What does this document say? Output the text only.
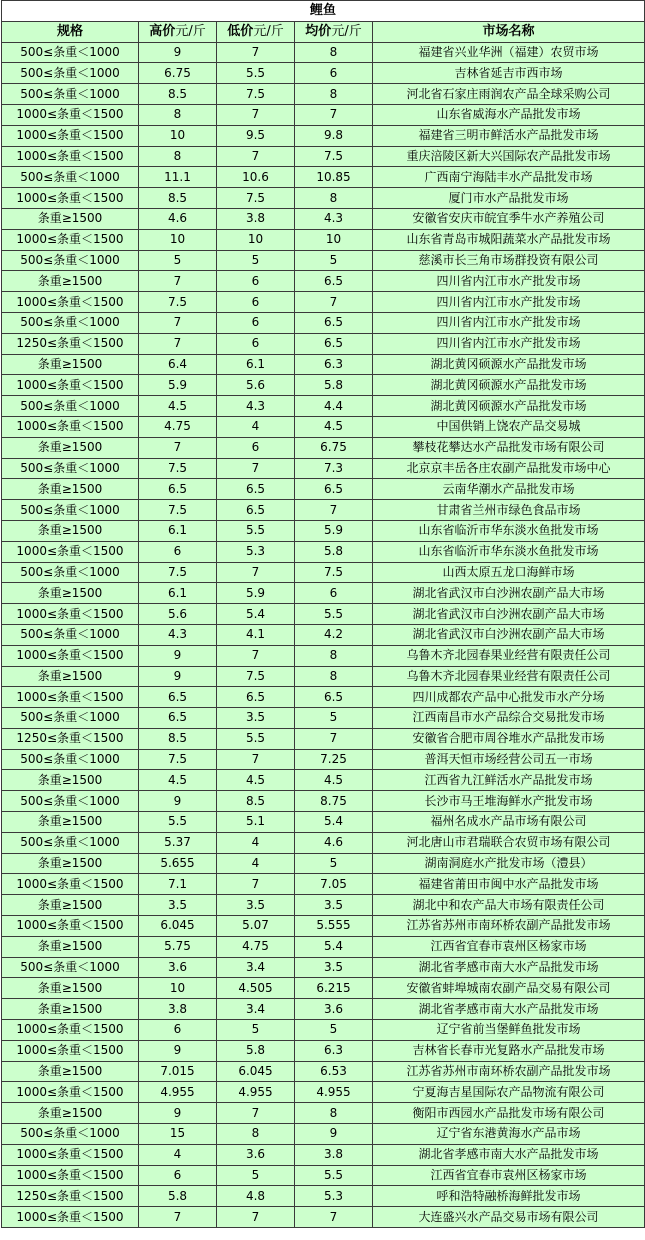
鲤鱼				
规格	高价元/斤	低价元/斤	均价元/斤	市场名称
500≤条重＜1000	9	7	8	福建省兴业华洲（福建）农贸市场
500≤条重＜1000	6.75	5.5	6	吉林省延吉市西市场
500≤条重＜1000	8.5	7.5	8	河北省石家庄雨润农产品全球采购公司
1000≤条重＜1500	8	7	7	山东省威海水产品批发市场
1000≤条重＜1500	10	9.5	9.8	福建省三明市鲜活水产品批发市场
1000≤条重＜1500	8	7	7.5	重庆涪陵区新大兴国际农产品批发市场
500≤条重＜1000	11.1	10.6	10.85	广西南宁海陆丰水产品批发市场
1000≤条重＜1500	8.5	7.5	8	厦门市水产品批发市场
条重≥1500	4.6	3.8	4.3	安徽省安庆市皖宜季牛水产养殖公司
1000≤条重＜1500	10	10	10	山东省青岛市城阳蔬菜水产品批发市场
500≤条重＜1000	5	5	5	慈溪市长三角市场群投资有限公司
条重≥1500	7	6	6.5	四川省内江市水产批发市场
1000≤条重＜1500	7.5	6	7	四川省内江市水产批发市场
500≤条重＜1000	7	6	6.5	四川省内江市水产批发市场
1250≤条重＜1500	7	6	6.5	四川省内江市水产批发市场
条重≥1500	6.4	6.1	6.3	湖北黄冈硕源水产品批发市场
1000≤条重＜1500	5.9	5.6	5.8	湖北黄冈硕源水产品批发市场
500≤条重＜1000	4.5	4.3	4.4	湖北黄冈硕源水产品批发市场
1000≤条重＜1500	4.75	4	4.5	中国供销上饶农产品交易城
条重≥1500	7	6	6.75	攀枝花攀达水产品批发市场有限公司
500≤条重＜1000	7.5	7	7.3	北京京丰岳各庄农副产品批发市场中心
条重≥1500	6.5	6.5	6.5	云南华潮水产品批发市场
500≤条重＜1000	7.5	6.5	7	甘肃省兰州市绿色食品市场
条重≥1500	6.1	5.5	5.9	山东省临沂市华东淡水鱼批发市场
1000≤条重＜1500	6	5.3	5.8	山东省临沂市华东淡水鱼批发市场
500≤条重＜1000	7.5	7	7.5	山西太原五龙口海鲜市场
条重≥1500	6.1	5.9	6	湖北省武汉市白沙洲农副产品大市场
1000≤条重＜1500	5.6	5.4	5.5	湖北省武汉市白沙洲农副产品大市场
500≤条重＜1000	4.3	4.1	4.2	湖北省武汉市白沙洲农副产品大市场
1000≤条重＜1500	9	7	8	乌鲁木齐北园春果业经营有限责任公司
条重≥1500	9	7.5	8	乌鲁木齐北园春果业经营有限责任公司
1000≤条重＜1500	6.5	6.5	6.5	四川成都农产品中心批发市水产分场
500≤条重＜1000	6.5	3.5	5	江西南昌市水产品综合交易批发市场
1250≤条重＜1500	8.5	5.5	7	安徽省合肥市周谷堆水产品批发市场
500≤条重＜1000	7.5	7	7.25	普洱天恒市场经营公司五一市场
条重≥1500	4.5	4.5	4.5	江西省九江鲜活水产品批发市场
500≤条重＜1000	9	8.5	8.75	长沙市马王堆海鲜水产批发市场
条重≥1500	5.5	5.1	5.4	福州名成水产品市场有限公司
500≤条重＜1000	5.37	4	4.6	河北唐山市君瑞联合农贸市场有限公司
条重≥1500	5.655	4	5	湖南洞庭水产批发市场（澧县）
1000≤条重＜1500	7.1	7	7.05	福建省莆田市闽中水产品批发市场
条重≥1500	3.5	3.5	3.5	湖北中和农产品大市场有限责任公司
1000≤条重＜1500	6.045	5.07	5.555	江苏省苏州市南环桥农副产品批发市场
条重≥1500	5.75	4.75	5.4	江西省宜春市袁州区杨家市场
500≤条重＜1000	3.6	3.4	3.5	湖北省孝感市南大水产品批发市场
条重≥1500	10	4.505	6.215	安徽省蚌埠城南农副产品交易有限公司
条重≥1500	3.8	3.4	3.6	湖北省孝感市南大水产品批发市场
1000≤条重＜1500	6	5	5	辽宁省前当堡鲜鱼批发市场
1000≤条重＜1500	9	5.8	6.3	吉林省长春市光复路水产品批发市场
条重≥1500	7.015	6.045	6.53	江苏省苏州市南环桥农副产品批发市场
1000≤条重＜1500	4.955	4.955	4.955	宁夏海吉星国际农产品物流有限公司
条重≥1500	9	7	8	衡阳市西园水产品批发市场有限公司
500≤条重＜1000	15	8	9	辽宁省东港黄海水产品市场
1000≤条重＜1500	4	3.6	3.8	湖北省孝感市南大水产品批发市场
1000≤条重＜1500	6	5	5.5	江西省宜春市袁州区杨家市场
1250≤条重＜1500	5.8	4.8	5.3	呼和浩特融桥海鲜批发市场
1000≤条重＜1500	7	7	7	大连盛兴水产品交易市场有限公司
